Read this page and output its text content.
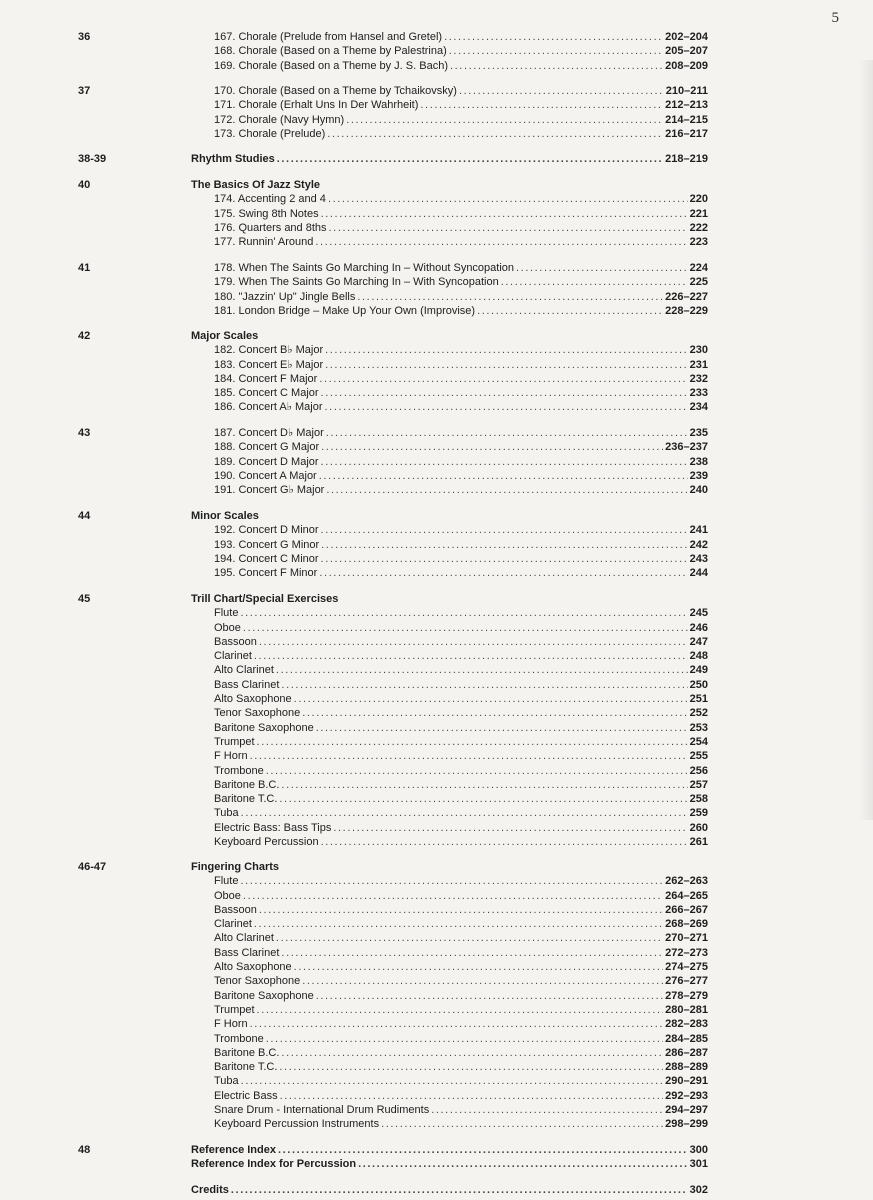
5
36	167. Chorale (Prelude from Hansel and Gretel) .....	202–204
168. Chorale (Based on a Theme by Palestrina) .....	205–207
169. Chorale (Based on a Theme by J. S. Bach) .....	208–209
37	170. Chorale (Based on a Theme by Tchaikovsky) .....	210–211
171. Chorale (Erhalt Uns In Der Wahrheit) .....	212–213
172. Chorale (Navy Hymn) .....	214–215
173. Chorale (Prelude) .....	216–217
38-39	Rhythm Studies .....	218–219
40	The Basics Of Jazz Style
174. Accenting 2 and 4 .....	220
175. Swing 8th Notes .....	221
176. Quarters and 8ths .....	222
177. Runnin' Around .....	223
41	178. When The Saints Go Marching In – Without Syncopation .....	224
179. When The Saints Go Marching In – With Syncopation .....	225
180. "Jazzin' Up" Jingle Bells .....	226–227
181. London Bridge – Make Up Your Own (Improvise) .....	228–229
42	Major Scales
182. Concert B♭ Major .....	230
183. Concert E♭ Major .....	231
184. Concert F Major .....	232
185. Concert C Major .....	233
186. Concert A♭ Major .....	234
43	187. Concert D♭ Major .....	235
188. Concert G Major .....	236–237
189. Concert D Major .....	238
190. Concert A Major .....	239
191. Concert G♭ Major .....	240
44	Minor Scales
192. Concert D Minor .....	241
193. Concert G Minor .....	242
194. Concert C Minor .....	243
195. Concert F Minor .....	244
45	Trill Chart/Special Exercises
Flute .....	245
Oboe .....	246
Bassoon .....	247
Clarinet .....	248
Alto Clarinet .....	249
Bass Clarinet .....	250
Alto Saxophone .....	251
Tenor Saxophone .....	252
Baritone Saxophone .....	253
Trumpet .....	254
F Horn .....	255
Trombone .....	256
Baritone B.C. .....	257
Baritone T.C. .....	258
Tuba .....	259
Electric Bass: Bass Tips .....	260
Keyboard Percussion .....	261
46-47	Fingering Charts
Flute .....	262–263
Oboe .....	264–265
Bassoon .....	266–267
Clarinet .....	268–269
Alto Clarinet .....	270–271
Bass Clarinet .....	272–273
Alto Saxophone .....	274–275
Tenor Saxophone .....	276–277
Baritone Saxophone .....	278–279
Trumpet .....	280–281
F Horn .....	282–283
Trombone .....	284–285
Baritone B.C. .....	286–287
Baritone T.C. .....	288–289
Tuba .....	290–291
Electric Bass .....	292–293
Snare Drum - International Drum Rudiments .....	294–297
Keyboard Percussion Instruments .....	298–299
48	Reference Index .....	300
Reference Index for Percussion .....	301
Credits .....	302
